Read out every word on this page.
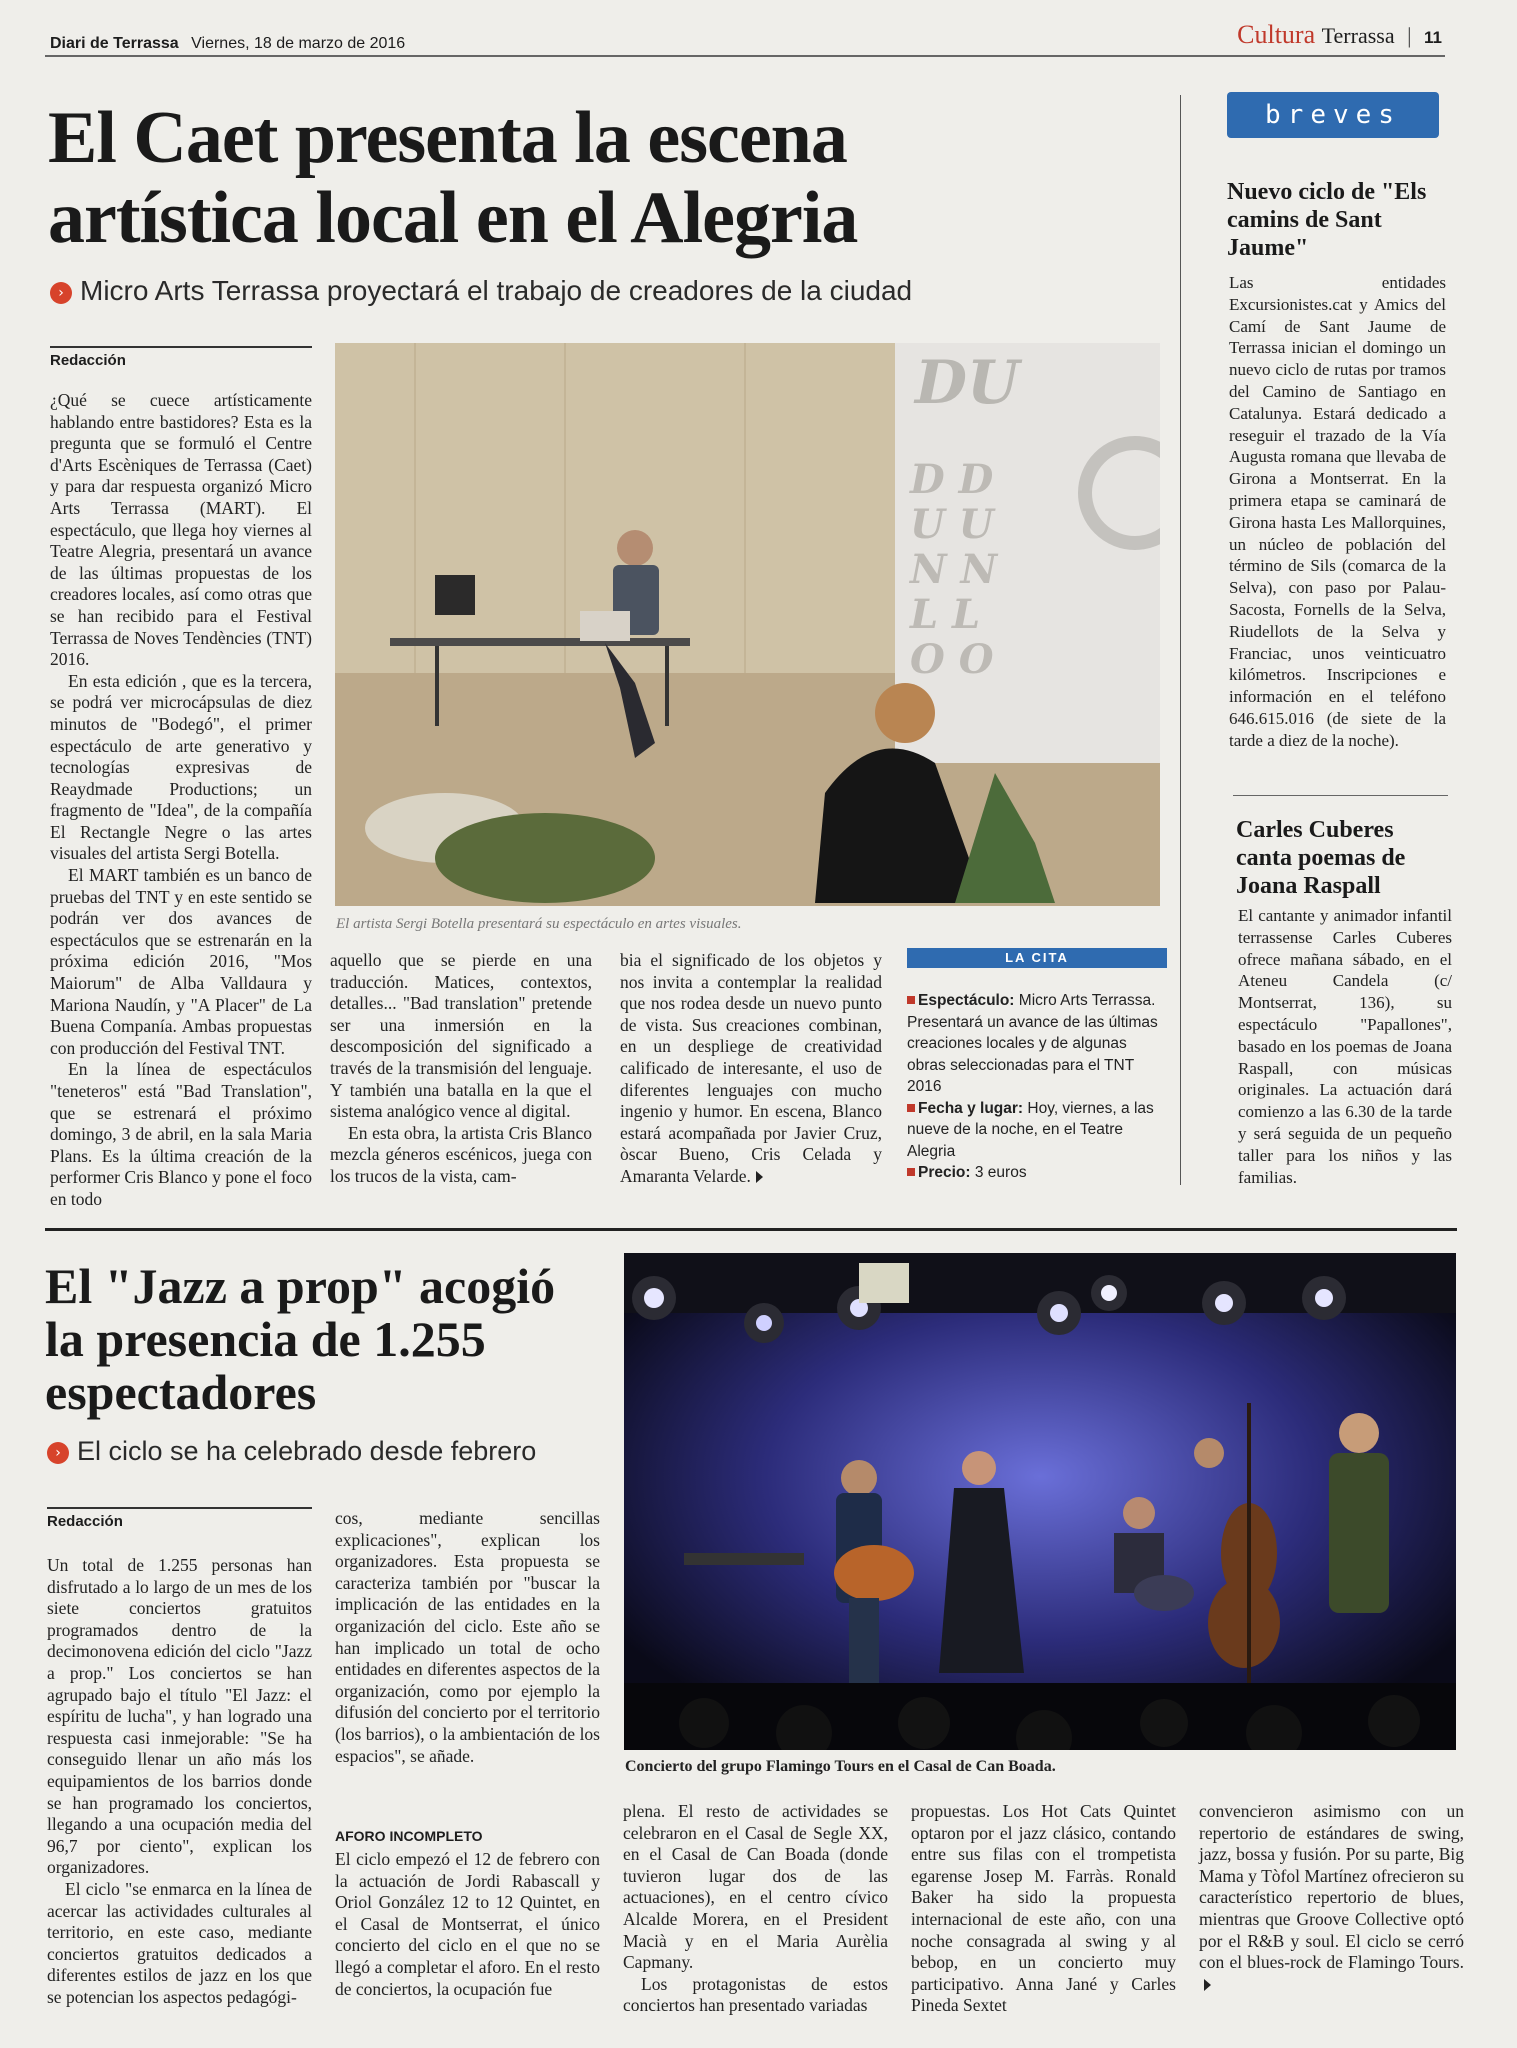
Diari de Terrassa Viernes, 18 de marzo de 2016	Cultura Terrassa | 11
El Caet presenta la escena
artística local en el Alegria
› Micro Arts Terrassa proyectará el trabajo de creadores de la ciudad
Redacción

¿Qué se cuece artísticamente hablando entre bastidores? Esta es la pregunta que se formuló el Centre d'Arts Escèniques de Terrassa (Caet) y para dar respuesta organizó Micro Arts Terrassa (MART). El espectáculo, que llega hoy viernes al Teatre Alegria, presentará un avance de las últimas propuestas de los creadores locales, así como otras que se han recibido para el Festival Terrassa de Noves Tendències (TNT) 2016.

En esta edición , que es la tercera, se podrá ver microcápsulas de diez minutos de "Bodegó", el primer espectáculo de arte generativo y tecnologías expresivas de Reaydmade Productions; un fragmento de "Idea", de la compañía El Rectangle Negre o las artes visuales del artista Sergi Botella.

El MART también es un banco de pruebas del TNT y en este sentido se podrán ver dos avances de espectáculos que se estrenarán en la próxima edición 2016, "Mos Maiorum" de Alba Valldaura y Mariona Naudín, y "A Placer" de La Buena Companía. Ambas propuestas con producción del Festival TNT.

En la línea de espectáculos "teneteros" está "Bad Translation", que se estrenará el próximo domingo, 3 de abril, en la sala Maria Plans. Es la última creación de la performer Cris Blanco y pone el foco en todo

DU
D D
U U
N N
L L
O O
El artista Sergi Botella presentará su espectáculo en artes visuales.

aquello que se pierde en una traducción. Matices, contextos, detalles... "Bad translation" pretende ser una inmersión en la descomposición del significado a través de la transmisión del lenguaje. Y también una batalla en la que el sistema analógico vence al digital.

En esta obra, la artista Cris Blanco mezcla géneros escénicos, juega con los trucos de la vista, cam-

bia el significado de los objetos y nos invita a contemplar la realidad que nos rodea desde un nuevo punto de vista. Sus creaciones combinan, en un despliege de creatividad calificado de interesante, el uso de diferentes lenguajes con mucho ingenio y humor. En escena, Blanco estará acompañada por Javier Cruz, òscar Bueno, Cris Celada y Amaranta Velarde.

LA CITA
Espectáculo: Micro Arts Terrassa. Presentará un avance de las últimas creaciones locales y de algunas obras seleccionadas para el TNT 2016
Fecha y lugar: Hoy, viernes, a las nueve de la noche, en el Teatre Alegria
Precio: 3 euros
breves
Nuevo ciclo de "Els camins de Sant Jaume"
Las entidades Excursionistes.cat y Amics del Camí de Sant Jaume de Terrassa inician el domingo un nuevo ciclo de rutas por tramos del Camino de Santiago en Catalunya. Estará dedicado a reseguir el trazado de la Vía Augusta romana que llevaba de Girona a Montserrat. En la primera etapa se caminará de Girona hasta Les Mallorquines, un núcleo de población del término de Sils (comarca de la Selva), con paso por Palau-Sacosta, Fornells de la Selva, Riudellots de la Selva y Franciac, unos veinticuatro kilómetros. Inscripciones e información en el teléfono 646.615.016 (de siete de la tarde a diez de la noche).
Carles Cuberes canta poemas de Joana Raspall
El cantante y animador infantil terrassense Carles Cuberes ofrece mañana sábado, en el Ateneu Candela (c/ Montserrat, 136), su espectáculo "Papallones", basado en los poemas de Joana Raspall, con músicas originales. La actuación dará comienzo a las 6.30 de la tarde y será seguida de un pequeño taller para los niños y las familias.
El "Jazz a prop" acogió la presencia de 1.255 espectadores
› El ciclo se ha celebrado desde febrero
Concierto del grupo Flamingo Tours en el Casal de Can Boada.
Redacción

Un total de 1.255 personas han disfrutado a lo largo de un mes de los siete conciertos gratuitos programados dentro de la decimonovena edición del ciclo "Jazz a prop." Los conciertos se han agrupado bajo el título "El Jazz: el espíritu de lucha", y han logrado una respuesta casi inmejorable: "Se ha conseguido llenar un año más los equipamientos de los barrios donde se han programado los conciertos, llegando a una ocupación media del 96,7 por ciento", explican los organizadores.

El ciclo "se enmarca en la línea de acercar las actividades culturales al territorio, en este caso, mediante conciertos gratuitos dedicados a diferentes estilos de jazz en los que se potencian los aspectos pedagógi-

cos, mediante sencillas explicaciones", explican los organizadores. Esta propuesta se caracteriza también por "buscar la implicación de las entidades en la organización del ciclo. Este año se han implicado un total de ocho entidades en diferentes aspectos de la organización, como por ejemplo la difusión del concierto por el territorio (los barrios), o la ambientación de los espacios", se añade.

AFORO INCOMPLETO

El ciclo empezó el 12 de febrero con la actuación de Jordi Rabascall y Oriol González 12 to 12 Quintet, en el Casal de Montserrat, el único concierto del ciclo en el que no se llegó a completar el aforo. En el resto de conciertos, la ocupación fue

plena. El resto de actividades se celebraron en el Casal de Segle XX, en el Casal de Can Boada (donde tuvieron lugar dos de las actuaciones), en el centro cívico Alcalde Morera, en el President Macià y en el Maria Aurèlia Capmany.

Los protagonistas de estos conciertos han presentado variadas

propuestas. Los Hot Cats Quintet optaron por el jazz clásico, contando entre sus filas con el trompetista egarense Josep M. Farràs. Ronald Baker ha sido la propuesta internacional de este año, con una noche consagrada al swing y al bebop, en un concierto muy participativo. Anna Jané y Carles Pineda Sextet

convencieron asimismo con un repertorio de estándares de swing, jazz, bossa y fusión. Por su parte, Big Mama y Tòfol Martínez ofrecieron su característico repertorio de blues, mientras que Groove Collective optó por el R&B y soul. El ciclo se cerró con el blues-rock de Flamingo Tours.
